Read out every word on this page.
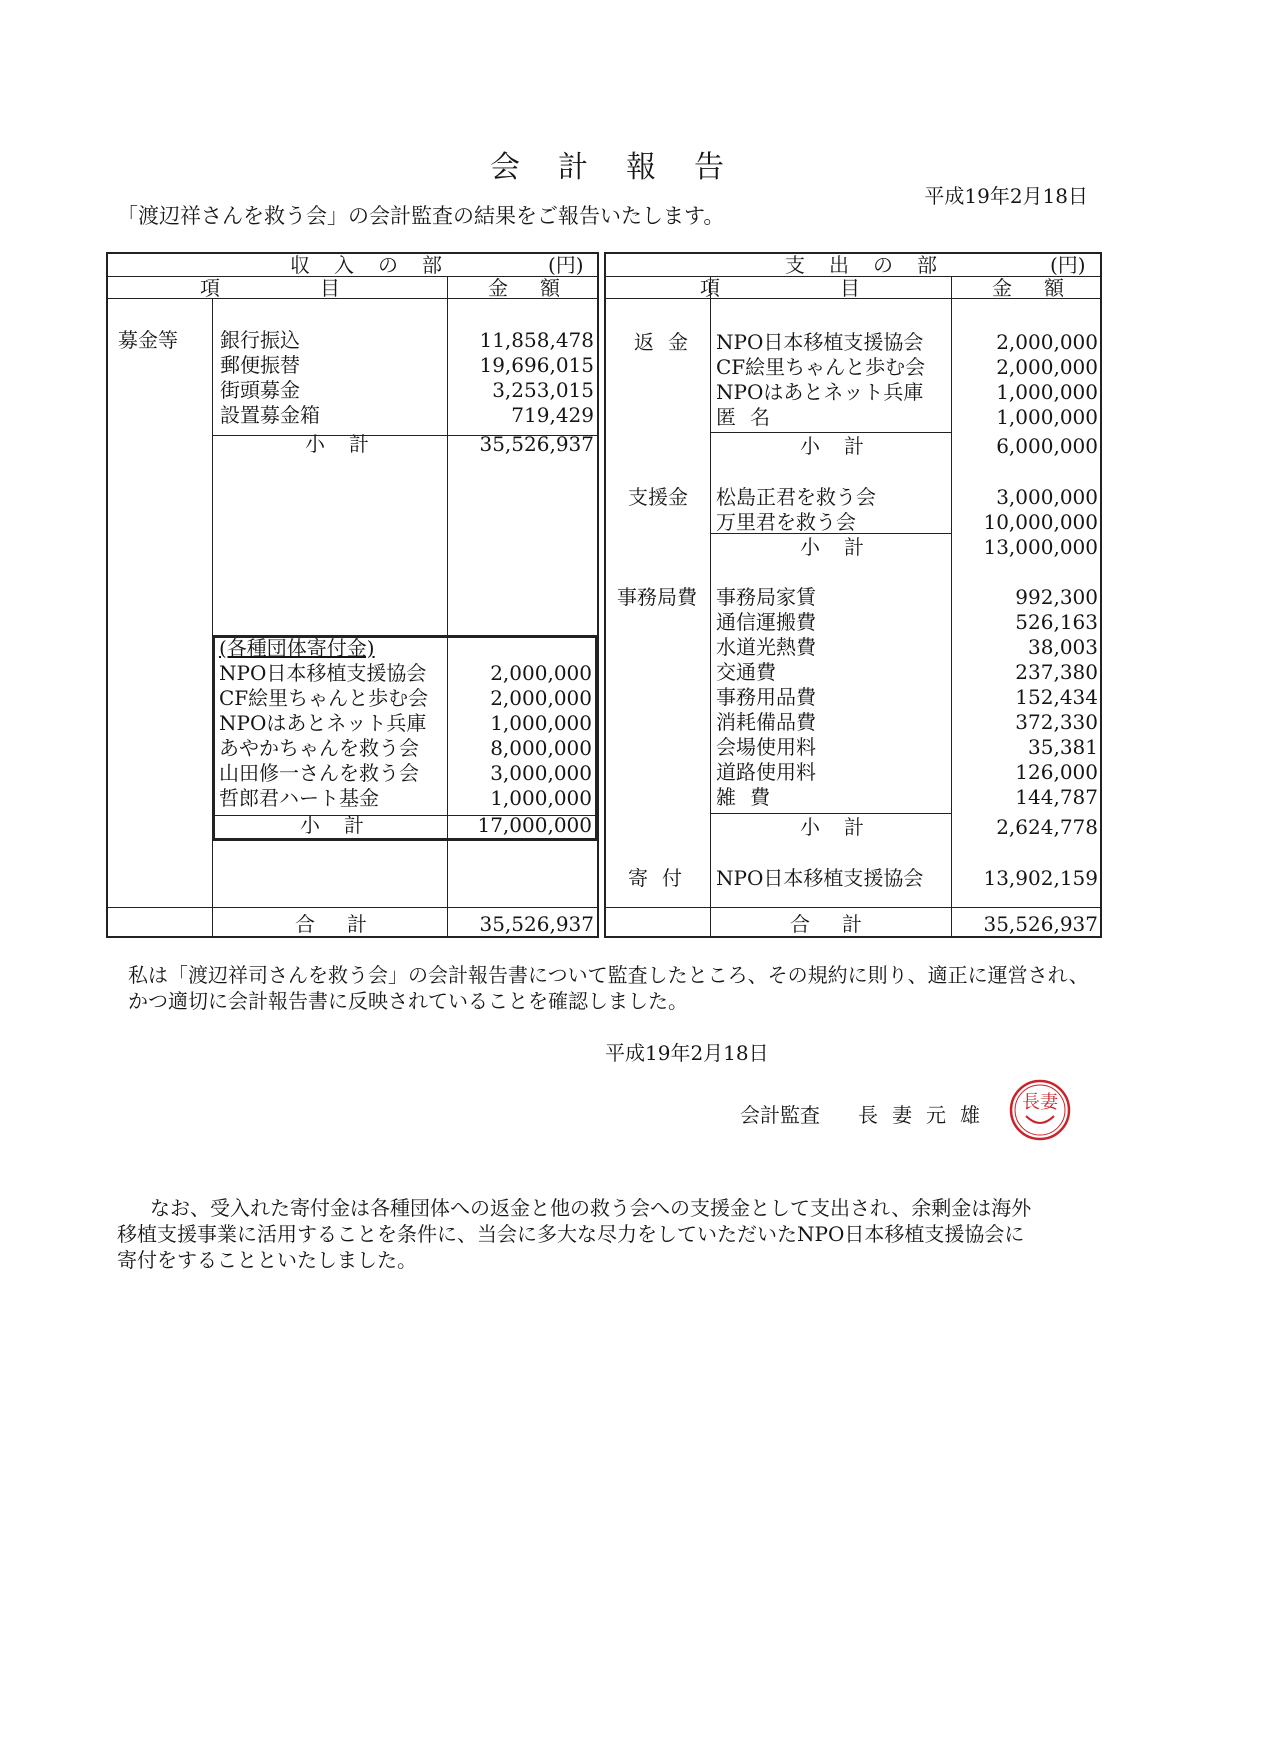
会計報告
平成19年2月18日
「渡辺祥さんを救う会」の会計監査の結果をご報告いたします。
収入の部	(円)
項目 金額
募金等 銀行振込	11,858,478
郵便振替	19,696,015
街頭募金	3,253,015
設置募金箱	719,429
小計	35,526,937
(各種団体寄付金)
NPO日本移植支援協会	2,000,000
CF絵里ちゃんと歩む会	2,000,000
NPOはあとネット兵庫	1,000,000
あやかちゃんを救う会	8,000,000
山田修一さんを救う会	3,000,000
哲郎君ハート基金	1,000,000
小計	17,000,000
合計	35,526,937
支出の部	(円)
項目 金額
返金 NPO日本移植支援協会	2,000,000
CF絵里ちゃんと歩む会	2,000,000
NPOはあとネット兵庫	1,000,000
匿名	1,000,000
小計	6,000,000
支援金 松島正君を救う会	3,000,000
万里君を救う会	10,000,000
小計	13,000,000
事務局費 事務局家賃	992,300
通信運搬費	526,163
水道光熱費	38,003
交通費	237,380
事務用品費	152,434
消耗備品費	372,330
会場使用料	35,381
道路使用料	126,000
雑費	144,787
小計	2,624,778
寄付 NPO日本移植支援協会	13,902,159
合計	35,526,937
私は「渡辺祥司さんを救う会」の会計報告書について監査したところ、その規約に則り、適正に運営され、
かつ適切に会計報告書に反映されていることを確認しました。
平成19年2月18日
会計監査 長妻元雄
長妻
なお、受入れた寄付金は各種団体への返金と他の救う会への支援金として支出され、余剰金は海外
移植支援事業に活用することを条件に、当会に多大な尽力をしていただいたNPO日本移植支援協会に
寄付をすることといたしました。
